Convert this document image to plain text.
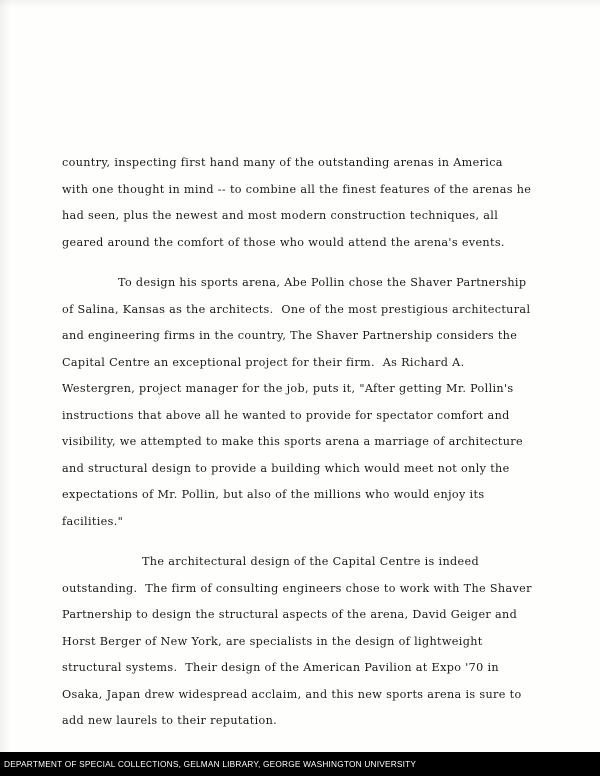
country, inspecting first hand many of the outstanding arenas in America with one thought in mind -- to combine all the finest features of the arenas he had seen, plus the newest and most modern construction techniques, all geared around the comfort of those who would attend the arena's events.

To design his sports arena, Abe Pollin chose the Shaver Partnership of Salina, Kansas as the architects.  One of the most prestigious architectural and engineering firms in the country, The Shaver Partnership considers the Capital Centre an exceptional project for their firm.  As Richard A. Westergren, project manager for the job, puts it, "After getting Mr. Pollin's instructions that above all he wanted to provide for spectator comfort and visibility, we attempted to make this sports arena a marriage of architecture and structural design to provide a building which would meet not only the expectations of Mr. Pollin, but also of the millions who would enjoy its facilities."

The architectural design of the Capital Centre is indeed outstanding.  The firm of consulting engineers chose to work with The Shaver Partnership to design the structural aspects of the arena, David Geiger and Horst Berger of New York, are specialists in the design of lightweight structural systems.  Their design of the American Pavilion at Expo '70 in Osaka, Japan drew widespread acclaim, and this new sports arena is sure to add new laurels to their reputation.

DEPARTMENT OF SPECIAL COLLECTIONS, GELMAN LIBRARY, GEORGE WASHINGTON UNIVERSITY
